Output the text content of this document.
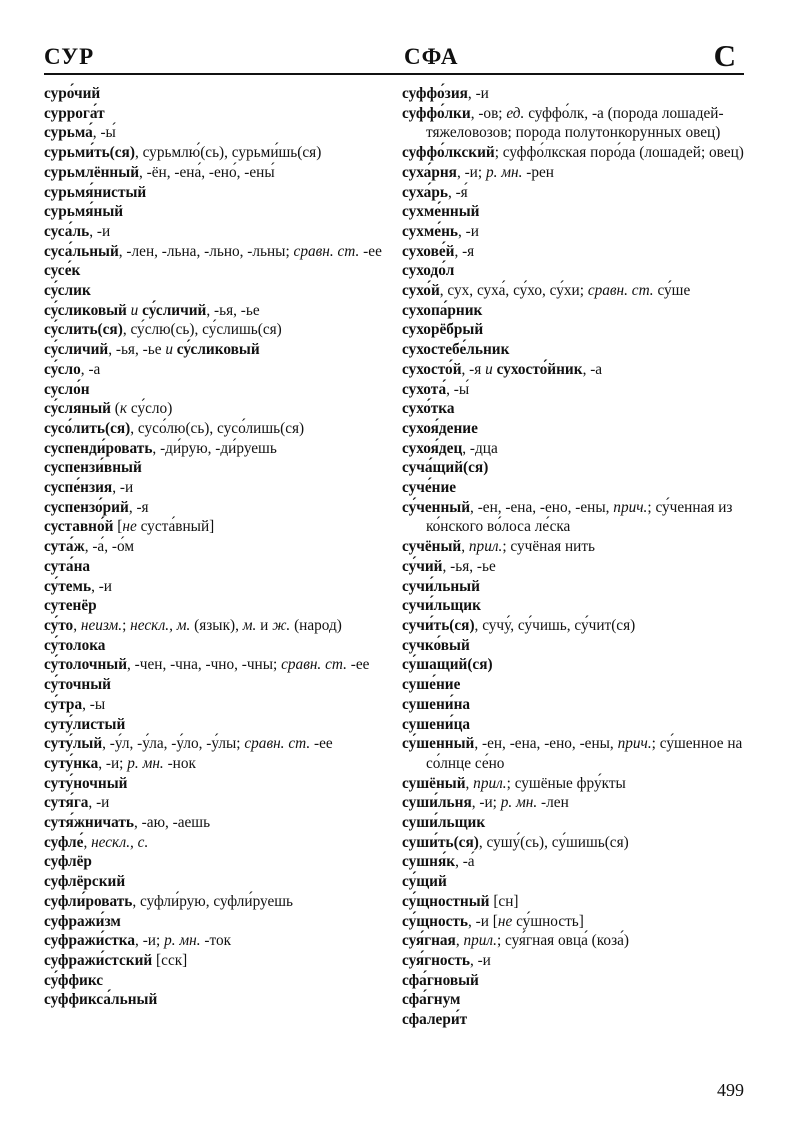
СУР	СФА	С

суро́чий

суррога́т

сурьма́, -ы́

сурьми́ть(ся), сурьмлю́(сь), сурьми́шь(ся)

сурьмлённый, -ён, -ена́, -ено́, -ены́

сурьмя́нистый

сурьмя́ный

суса́ль, -и

суса́льный, -лен, -льна, -льно, -льны; сравн. ст. -ее

сусе́к

су́слик

су́сликовый и су́сличий, -ья, -ье

су́слить(ся), су́слю(сь), су́слишь(ся)

су́сличий, -ья, -ье и су́сликовый

су́сло, -а

сусло́н

су́сляный (к су́сло)

сусо́лить(ся), сусо́лю(сь), сусо́лишь(ся)

суспенди́ровать, -ди́рую, -ди́руешь

суспензи́вный

суспе́нзия, -и

суспензо́рий, -я

суставно́й [не суста́вный]

сута́ж, -а́, -о́м

сута́на

су́темь, -и

сутенёр

су́то, неизм.; нескл., м. (язык), м. и ж. (народ)

су́толока

су́толочный, -чен, -чна, -чно, -чны; сравн. ст. -ее

су́точный

су́тра, -ы

суту́листый

суту́лый, -у́л, -у́ла, -у́ло, -у́лы; сравн. ст. -ее

суту́нка, -и; р. мн. -нок

суту́ночный

сутя́га, -и

сутя́жничать, -аю, -аешь

суфле́, нескл., с.

суфлёр

суфлёрский

суфли́ровать, суфли́рую, суфли́руешь

суфражи́зм

суфражи́стка, -и; р. мн. -ток

суфражи́стский [сск]

су́ффикс

суффикса́льный

суффо́зия, -и

суффо́лки, -ов; ед. суффо́лк, -а (порода лошадей-тяжеловозов; порода полутонкорунных овец)

суффо́лкский; суффо́лкская поро́да (лошадей; овец)

суха́рня, -и; р. мн. -рен

суха́рь, -я́

сухме́нный

сухме́нь, -и

сухове́й, -я

суходо́л

сухо́й, сух, суха́, су́хо, су́хи; сравн. ст. су́ше

сухопа́рник

сухорёбрый

сухостебе́льник

сухосто́й, -я и сухосто́йник, -а

сухота́, -ы́

сухо́тка

сухоя́дение

сухоя́дец, -дца

суча́щий(ся)

суче́ние

су́ченный, -ен, -ена, -ено, -ены, прич.; су́ченная из ко́нского во́лоса ле́ска

сучёный, прил.; сучёная нить

су́чий, -ья, -ье

сучи́льный

сучи́льщик

сучи́ть(ся), сучу́, су́чишь, су́чит(ся)

сучко́вый

су́шащий(ся)

суше́ние

сушени́на

сушени́ца

су́шенный, -ен, -ена, -ено, -ены, прич.; су́шенное на со́лнце се́но

сушёный, прил.; сушёные фру́кты

суши́льня, -и; р. мн. -лен

суши́льщик

суши́ть(ся), сушу́(сь), су́шишь(ся)

сушня́к, -а́

су́щий

су́щностный [сн]

су́щность, -и [не су́шность]

суя́гная, прил.; суя́гная овца́ (коза́)

суя́гность, -и

сфа́гновый

сфа́гнум

сфалери́т

499
